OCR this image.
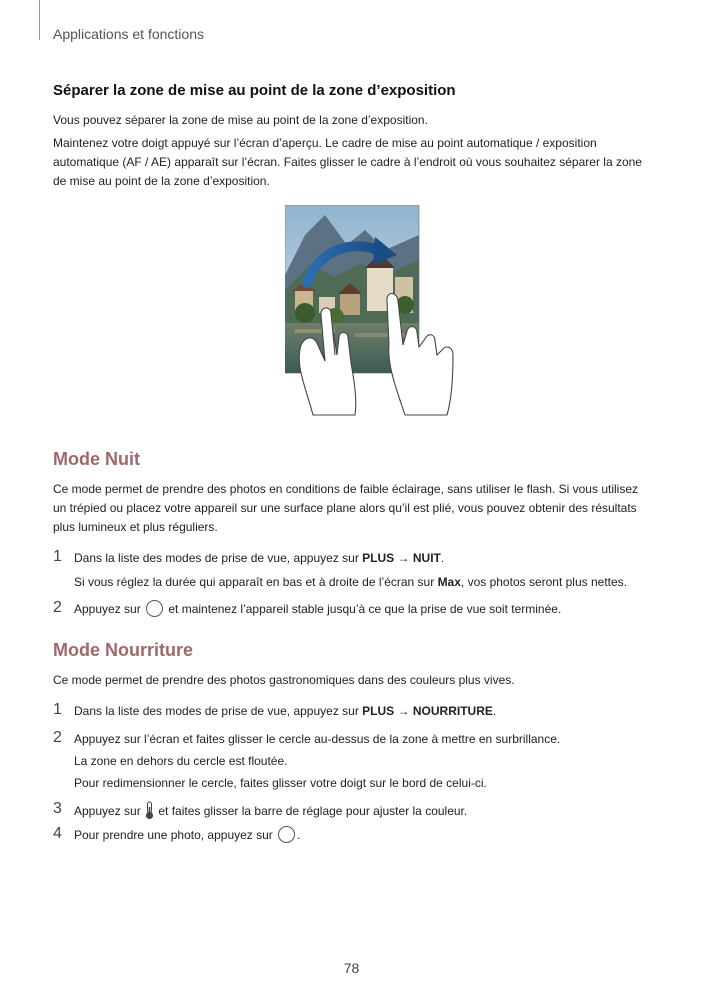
Applications et fonctions
Séparer la zone de mise au point de la zone d’exposition

Vous pouvez séparer la zone de mise au point de la zone d’exposition.

Maintenez votre doigt appuyé sur l’écran d’aperçu. Le cadre de mise au point automatique / exposition automatique (AF / AE) apparaît sur l’écran. Faites glisser le cadre à l’endroit où vous souhaitez séparer la zone de mise au point de la zone d’exposition.

Mode Nuit

Ce mode permet de prendre des photos en conditions de faible éclairage, sans utiliser le flash. Si vous utilisez un trépied ou placez votre appareil sur une surface plane alors qu’il est plié, vous pouvez obtenir des résultats plus lumineux et plus réguliers.

1 Dans la liste des modes de prise de vue, appuyez sur PLUS → NUIT.
Si vous réglez la durée qui apparaît en bas et à droite de l’écran sur Max, vos photos seront plus nettes.
2 Appuyez sur  et maintenez l’appareil stable jusqu’à ce que la prise de vue soit terminée.
Mode Nourriture

Ce mode permet de prendre des photos gastronomiques dans des couleurs plus vives.

1 Dans la liste des modes de prise de vue, appuyez sur PLUS → NOURRITURE.
2 Appuyez sur l’écran et faites glisser le cercle au-dessus de la zone à mettre en surbrillance.
La zone en dehors du cercle est floutée.
Pour redimensionner le cercle, faites glisser votre doigt sur le bord de celui-ci.
3 Appuyez sur  et faites glisser la barre de réglage pour ajuster la couleur.
4 Pour prendre une photo, appuyez sur .
78
